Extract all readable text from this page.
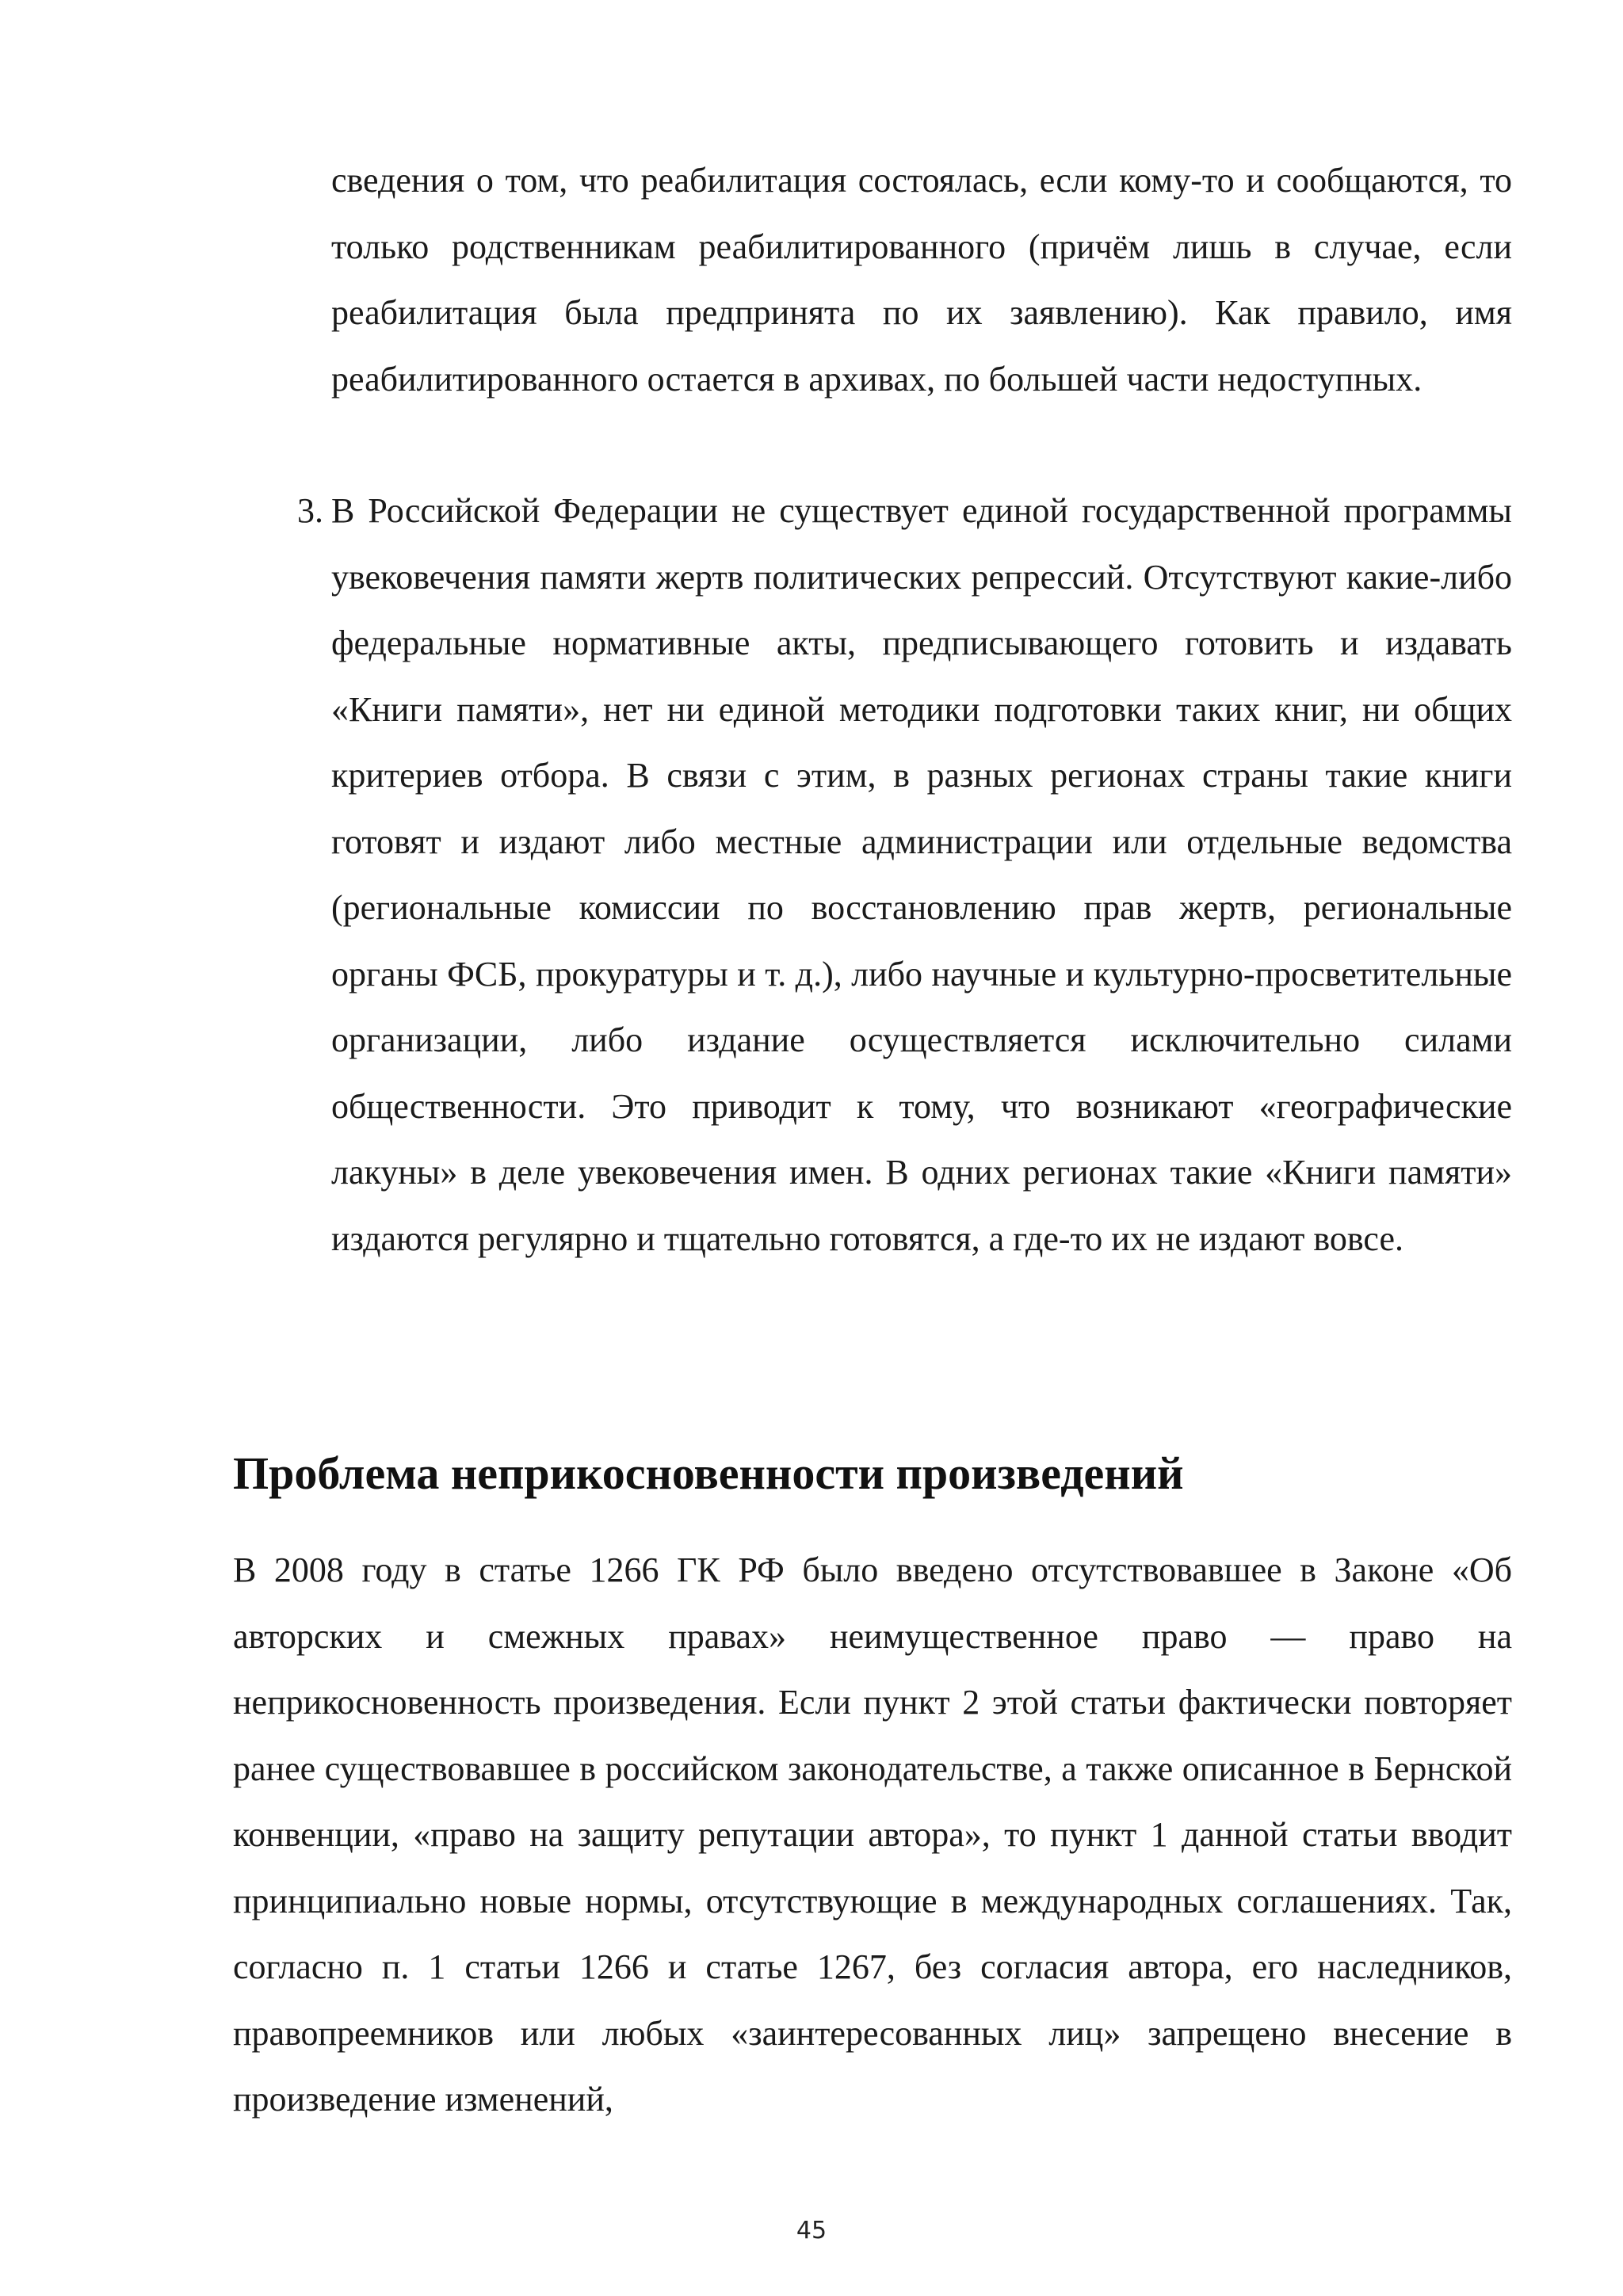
сведения о том, что реабилитация состоялась, если кому-то и сообщаются, то только родственникам реабилитированного (причём лишь в случае, если реабилитация была предпринята по их заявлению). Как правило, имя реабилитированного остается в архивах, по большей части недоступных.

3. В Российской Федерации не существует единой государственной программы увековечения памяти жертв политических репрессий. Отсутствуют какие-либо федеральные нормативные акты, предписывающего готовить и издавать «Книги памяти», нет ни единой методики подготовки таких книг, ни общих критериев отбора. В связи с этим, в разных регионах страны такие книги готовят и издают либо местные администрации или отдельные ведомства (региональные комиссии по восстановлению прав жертв, региональные органы ФСБ, прокуратуры и т. д.), либо научные и культурно-просветительные организации, либо издание осуществляется исключительно силами общественности. Это приводит к тому, что возникают «географические лакуны» в деле увековечения имен. В одних регионах такие «Книги памяти» издаются регулярно и тщательно готовятся, а где-то их не издают вовсе.

Проблема неприкосновенности произведений

В 2008 году в статье 1266 ГК РФ было введено отсутствовавшее в Законе «Об авторских и смежных правах» неимущественное право — право на неприкосновенность произведения. Если пункт 2 этой статьи фактически повторяет ранее существовавшее в российском законодательстве, а также описанное в Бернской конвенции, «право на защиту репутации автора», то пункт 1 данной статьи вводит принципиально новые нормы, отсутствующие в международных соглашениях. Так, согласно п. 1 статьи 1266 и статье 1267, без согласия автора, его наследников, правопреемников или любых «заинтересованных лиц» запрещено внесение в произведение изменений,

45
